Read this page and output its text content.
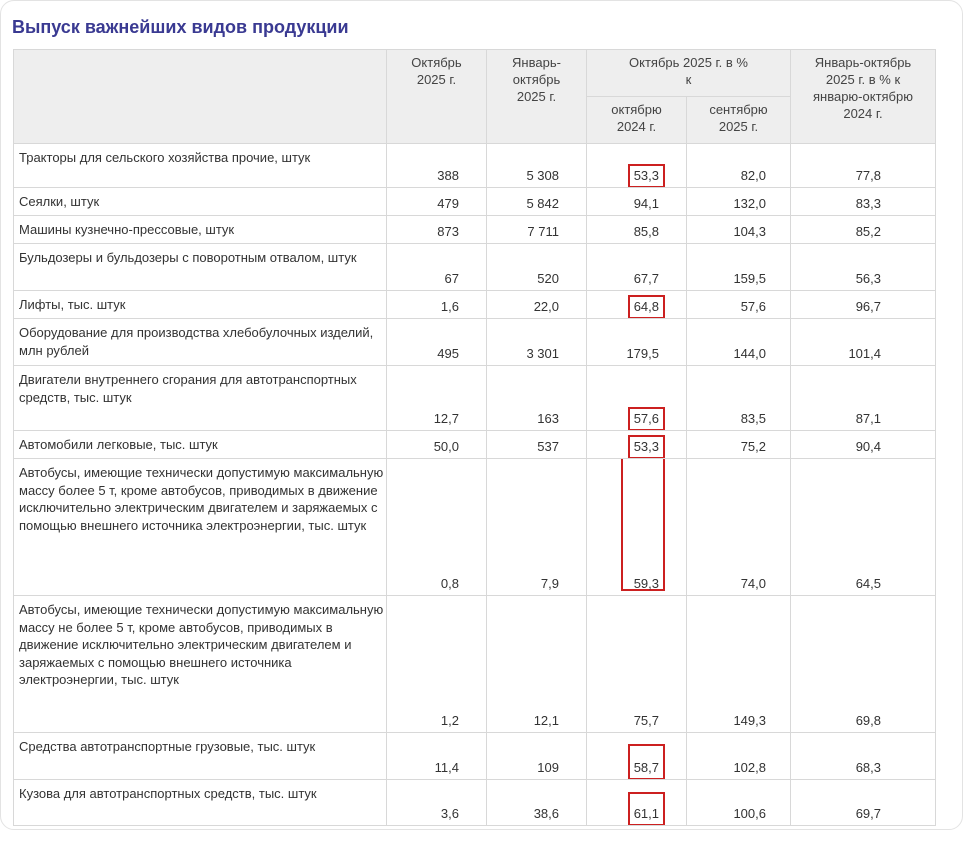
Выпуск важнейших видов продукции
	Октябрь 2025 г.	Январь-октябрь 2025 г.	Октябрь 2025 г. в % к		Январь-октябрь 2025 г. в % к январю-октябрю 2024 г.
			октябрю 2024 г.	сентябрю 2025 г.	
Тракторы для сельского хозяйства прочие, штук	388	5 308	53,3	82,0	77,8
Сеялки, штук	479	5 842	94,1	132,0	83,3
Машины кузнечно-прессовые, штук	873	7 711	85,8	104,3	85,2
Бульдозеры и бульдозеры с поворотным отвалом, штук	67	520	67,7	159,5	56,3
Лифты, тыс. штук	1,6	22,0	64,8	57,6	96,7
Оборудование для производства хлебобулочных изделий, млн рублей	495	3 301	179,5	144,0	101,4
Двигатели внутреннего сгорания для автотранспортных средств, тыс. штук	12,7	163	57,6	83,5	87,1
Автомобили легковые, тыс. штук	50,0	537	53,3	75,2	90,4
Автобусы, имеющие технически допустимую максимальную массу более 5 т, кроме автобусов, приводимых в движение исключительно электрическим двигателем и заряжаемых с помощью внешнего источника электроэнергии, тыс. штук	0,8	7,9	59,3	74,0	64,5
Автобусы, имеющие технически допустимую максимальную массу не более 5 т, кроме автобусов, приводимых в движение исключительно электрическим двигателем и заряжаемых с помощью внешнего источника электроэнергии, тыс. штук	1,2	12,1	75,7	149,3	69,8
Средства автотранспортные грузовые, тыс. штук	11,4	109	58,7	102,8	68,3
Кузова для автотранспортных средств, тыс. штук	3,6	38,6	61,1	100,6	69,7
